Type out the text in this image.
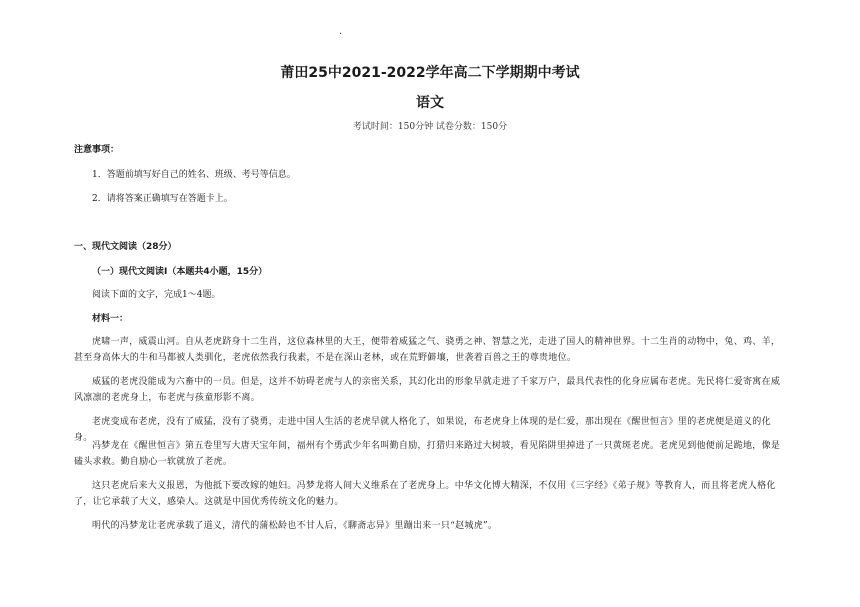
·
莆田25中2021-2022学年高二下学期期中考试
语文
考试时间：150分钟 试卷分数：150分
注意事项：
1．答题前填写好自己的姓名、班级、考号等信息。
2．请将答案正确填写在答题卡上。
一、现代文阅读（28分）
（一）现代文阅读Ⅰ（本题共4小题，15分）
阅读下面的文字，完成1～4题。
材料一：
虎啸一声，威震山河。自从老虎跻身十二生肖，这位森林里的大王，便带着威猛之气、骁勇之神、智慧之光，走进了国人的精神世界。十二生肖的动物中，兔、鸡、羊，甚至身高体大的牛和马都被人类驯化，老虎依然我行我素，不是在深山老林，或在荒野僻壤，世袭着百兽之王的尊贵地位。
威猛的老虎没能成为六畜中的一员。但是，这并不妨碍老虎与人的亲密关系，其幻化出的形象早就走进了千家万户，最具代表性的化身应属布老虎。先民将仁爱寄寓在威风凛凛的老虎身上，布老虎与孩童形影不离。
老虎变成布老虎，没有了威猛，没有了骁勇，走进中国人生活的老虎早就人格化了，如果说，布老虎身上体现的是仁爱，那出现在《醒世恒言》里的老虎便是道义的化身。
冯梦龙在《醒世恒言》第五卷里写大唐天宝年间，福州有个勇武少年名叫勤自励，打猎归来路过大树坡，看见陷阱里掉进了一只黄斑老虎。老虎见到他便前足跪地，像是磕头求救。勤自励心一软就放了老虎。
这只老虎后来大义报恩，为他抵下要改嫁的她妇。冯梦龙将人间大义维系在了老虎身上。中华文化博大精深，不仅用《三字经》《弟子规》等教育人，而且将老虎人格化了，让它承载了大义，感染人。这就是中国优秀传统文化的魅力。
明代的冯梦龙让老虎承载了道义，清代的蒲松龄也不甘人后，《聊斋志异》里蹦出来一只“赵城虎”。
